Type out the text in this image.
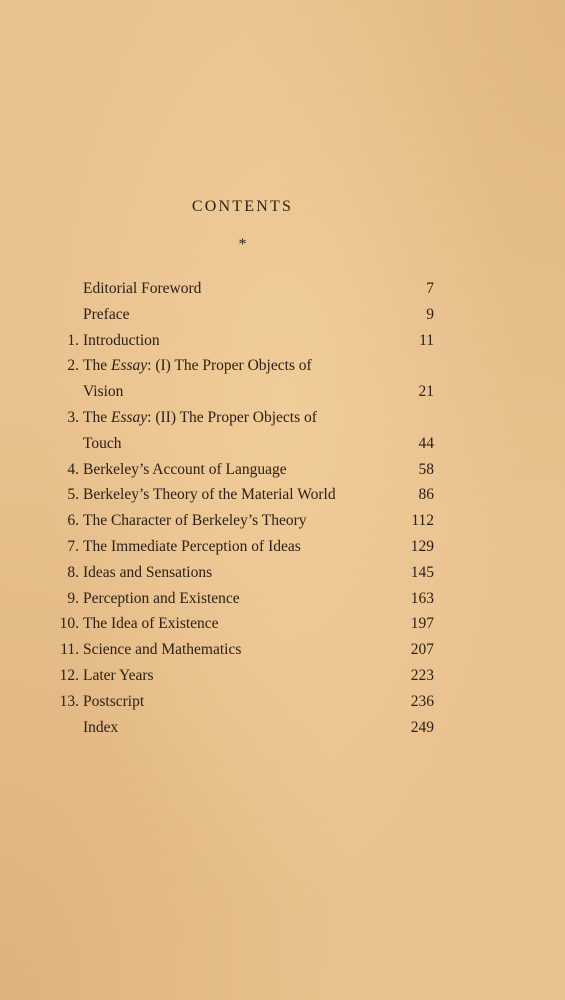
CONTENTS
*
Editorial Foreword	7
Preface	9
1. Introduction	11
2. The Essay: (I) The Proper Objects of
Vision	21
3. The Essay: (II) The Proper Objects of
Touch	44
4. Berkeley’s Account of Language	58
5. Berkeley’s Theory of the Material World	86
6. The Character of Berkeley’s Theory	112
7. The Immediate Perception of Ideas	129
8. Ideas and Sensations	145
9. Perception and Existence	163
10. The Idea of Existence	197
11. Science and Mathematics	207
12. Later Years	223
13. Postscript	236
Index	249
